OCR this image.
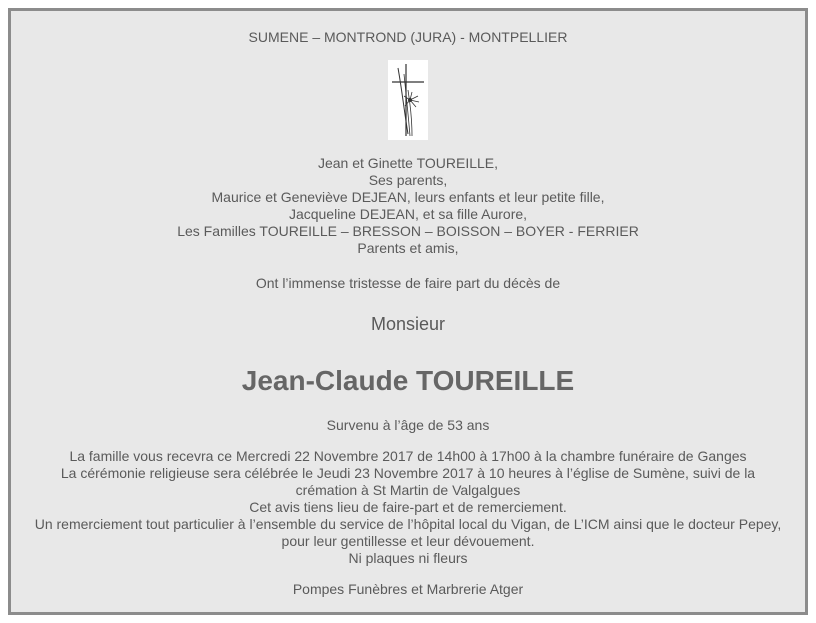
SUMENE – MONTROND (JURA) - MONTPELLIER
Jean et Ginette TOUREILLE,
Ses parents,
Maurice et Geneviève DEJEAN, leurs enfants et leur petite fille,
Jacqueline DEJEAN, et sa fille Aurore,
Les Familles TOUREILLE – BRESSON – BOISSON – BOYER - FERRIER
Parents et amis,
Ont l’immense tristesse de faire part du décès de
Monsieur
Jean-Claude TOUREILLE
Survenu à l’âge de 53 ans
La famille vous recevra ce Mercredi 22 Novembre 2017 de 14h00 à 17h00 à la chambre funéraire de Ganges
La cérémonie religieuse sera célébrée le Jeudi 23 Novembre 2017 à 10 heures à l’église de Sumène, suivi de la crémation à St Martin de Valgalgues
Cet avis tiens lieu de faire-part et de remerciement.
Un remerciement tout particulier à l’ensemble du service de l’hôpital local du Vigan, de L’ICM ainsi que le docteur Pepey, pour leur gentillesse et leur dévouement.
Ni plaques ni fleurs
Pompes Funèbres et Marbrerie Atger
